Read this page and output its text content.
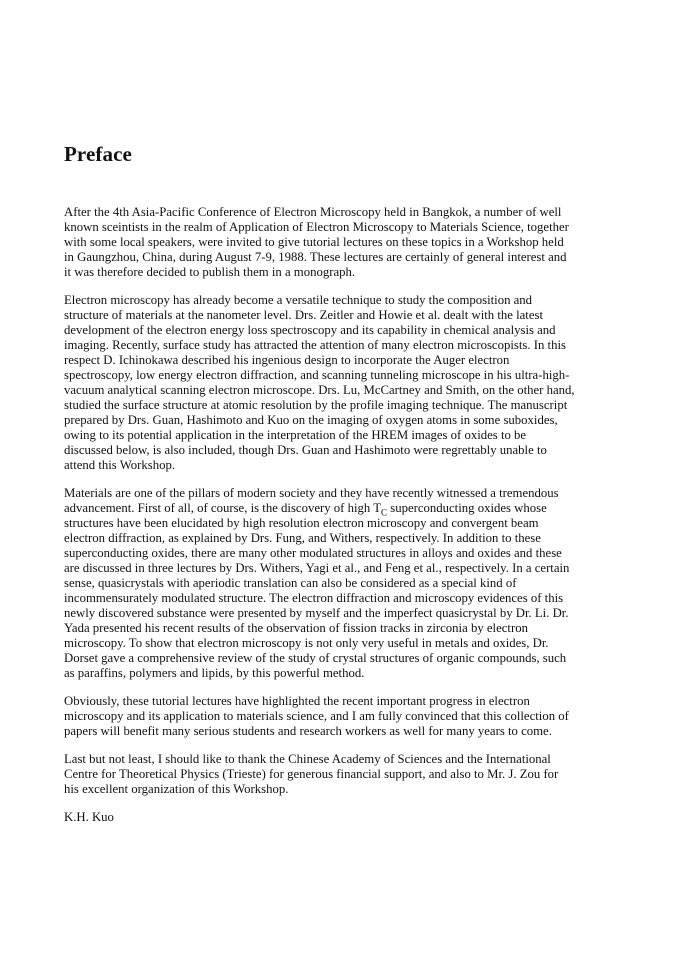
Preface

After the 4th Asia-Pacific Conference of Electron Microscopy held in Bangkok, a number of well
known sceintists in the realm of Application of Electron Microscopy to Materials Science, together
with some local speakers, were invited to give tutorial lectures on these topics in a Workshop held
in Gaungzhou, China, during August 7-9, 1988. These lectures are certainly of general interest and
it was therefore decided to publish them in a monograph.

Electron microscopy has already become a versatile technique to study the composition and
structure of materials at the nanometer level. Drs. Zeitler and Howie et al. dealt with the latest
development of the electron energy loss spectroscopy and its capability in chemical analysis and
imaging. Recently, surface study has attracted the attention of many electron microscopists. In this
respect D. Ichinokawa described his ingenious design to incorporate the Auger electron
spectroscopy, low energy electron diffraction, and scanning tunneling microscope in his ultra-high-
vacuum analytical scanning electron microscope. Drs. Lu, McCartney and Smith, on the other hand,
studied the surface structure at atomic resolution by the profile imaging technique. The manuscript
prepared by Drs. Guan, Hashimoto and Kuo on the imaging of oxygen atoms in some suboxides,
owing to its potential application in the interpretation of the HREM images of oxides to be
discussed below, is also included, though Drs. Guan and Hashimoto were regrettably unable to
attend this Workshop.

Materials are one of the pillars of modern society and they have recently witnessed a tremendous
advancement. First of all, of course, is the discovery of high $T_C$ superconducting oxides whose
structures have been elucidated by high resolution electron microscopy and convergent beam
electron diffraction, as explained by Drs. Fung, and Withers, respectively. In addition to these
superconducting oxides, there are many other modulated structures in alloys and oxides and these
are discussed in three lectures by Drs. Withers, Yagi et al., and Feng et al., respectively. In a certain
sense, quasicrystals with aperiodic translation can also be considered as a special kind of
incommensurately modulated structure. The electron diffraction and microscopy evidences of this
newly discovered substance were presented by myself and the imperfect quasicrystal by Dr. Li. Dr.
Yada presented his recent results of the observation of fission tracks in zirconia by electron
microscopy. To show that electron microscopy is not only very useful in metals and oxides, Dr.
Dorset gave a comprehensive review of the study of crystal structures of organic compounds, such
as paraffins, polymers and lipids, by this powerful method.

Obviously, these tutorial lectures have highlighted the recent important progress in electron
microscopy and its application to materials science, and I am fully convinced that this collection of
papers will benefit many serious students and research workers as well for many years to come.

Last but not least, I should like to thank the Chinese Academy of Sciences and the International
Centre for Theoretical Physics (Trieste) for generous financial support, and also to Mr. J. Zou for
his excellent organization of this Workshop.

K.H. Kuo
